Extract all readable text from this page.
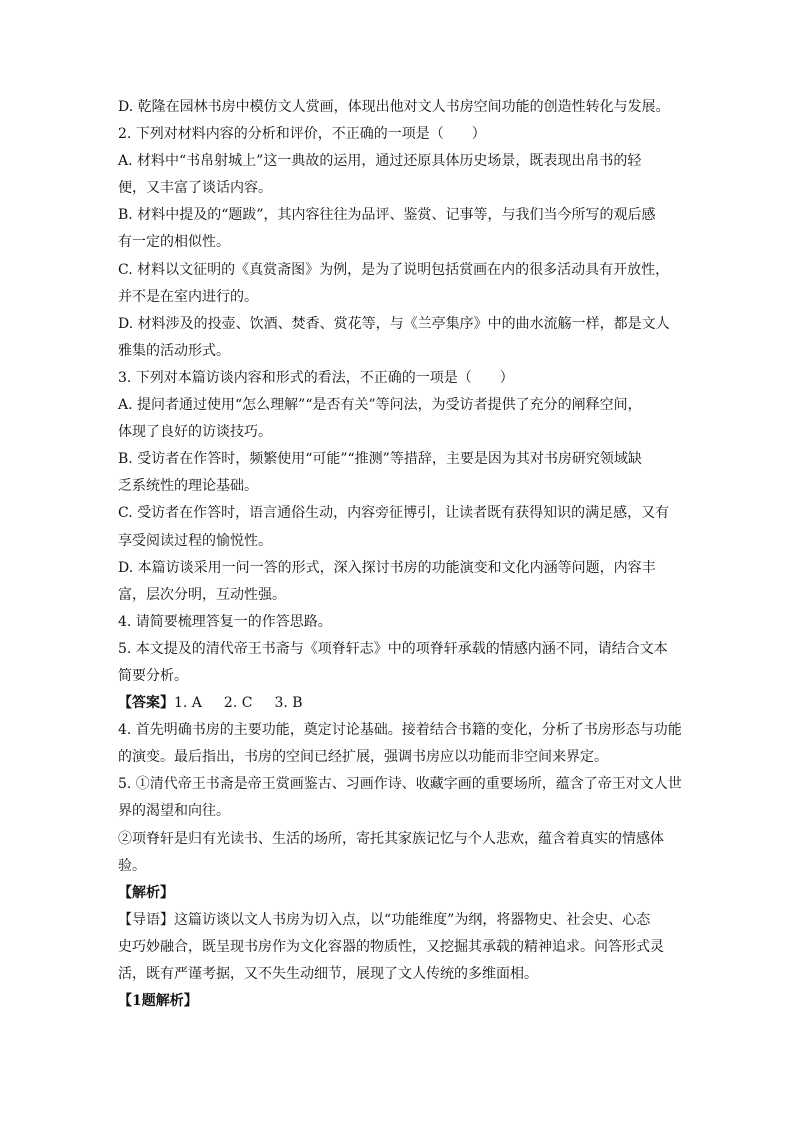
D. 乾隆在园林书房中模仿文人赏画，体现出他对文人书房空间功能的创造性转化与发展。
2. 下列对材料内容的分析和评价，不正确的一项是（　　）
A. 材料中“书帛射城上”这一典故的运用，通过还原具体历史场景，既表现出帛书的轻
便，又丰富了谈话内容。
B. 材料中提及的“题跋”，其内容往往为品评、鉴赏、记事等，与我们当今所写的观后感
有一定的相似性。
C. 材料以文征明的《真赏斋图》为例，是为了说明包括赏画在内的很多活动具有开放性，
并不是在室内进行的。
D. 材料涉及的投壶、饮酒、焚香、赏花等，与《兰亭集序》中的曲水流觞一样，都是文人
雅集的活动形式。
3. 下列对本篇访谈内容和形式的看法，不正确的一项是（　　）
A. 提问者通过使用“怎么理解”“是否有关”等问法，为受访者提供了充分的阐释空间，
体现了良好的访谈技巧。
B. 受访者在作答时，频繁使用“可能”“推测”等措辞，主要是因为其对书房研究领域缺
乏系统性的理论基础。
C. 受访者在作答时，语言通俗生动，内容旁征博引，让读者既有获得知识的满足感，又有
享受阅读过程的愉悦性。
D. 本篇访谈采用一问一答的形式，深入探讨书房的功能演变和文化内涵等问题，内容丰
富，层次分明，互动性强。
4. 请简要梳理答复一的作答思路。
5. 本文提及的清代帝王书斋与《项脊轩志》中的项脊轩承载的情感内涵不同，请结合文本
简要分析。
【答案】1. A 2. C 3. B
4. 首先明确书房的主要功能，奠定讨论基础。接着结合书籍的变化，分析了书房形态与功能
的演变。最后指出，书房的空间已经扩展，强调书房应以功能而非空间来界定。
5. ①清代帝王书斋是帝王赏画鉴古、习画作诗、收藏字画的重要场所，蕴含了帝王对文人世
界的渴望和向往。
②项脊轩是归有光读书、生活的场所，寄托其家族记忆与个人悲欢，蕴含着真实的情感体
验。
【解析】
【导语】这篇访谈以文人书房为切入点，以“功能维度”为纲，将器物史、社会史、心态
史巧妙融合，既呈现书房作为文化容器的物质性，又挖掘其承载的精神追求。问答形式灵
活，既有严谨考据，又不失生动细节，展现了文人传统的多维面相。
【1题解析】
